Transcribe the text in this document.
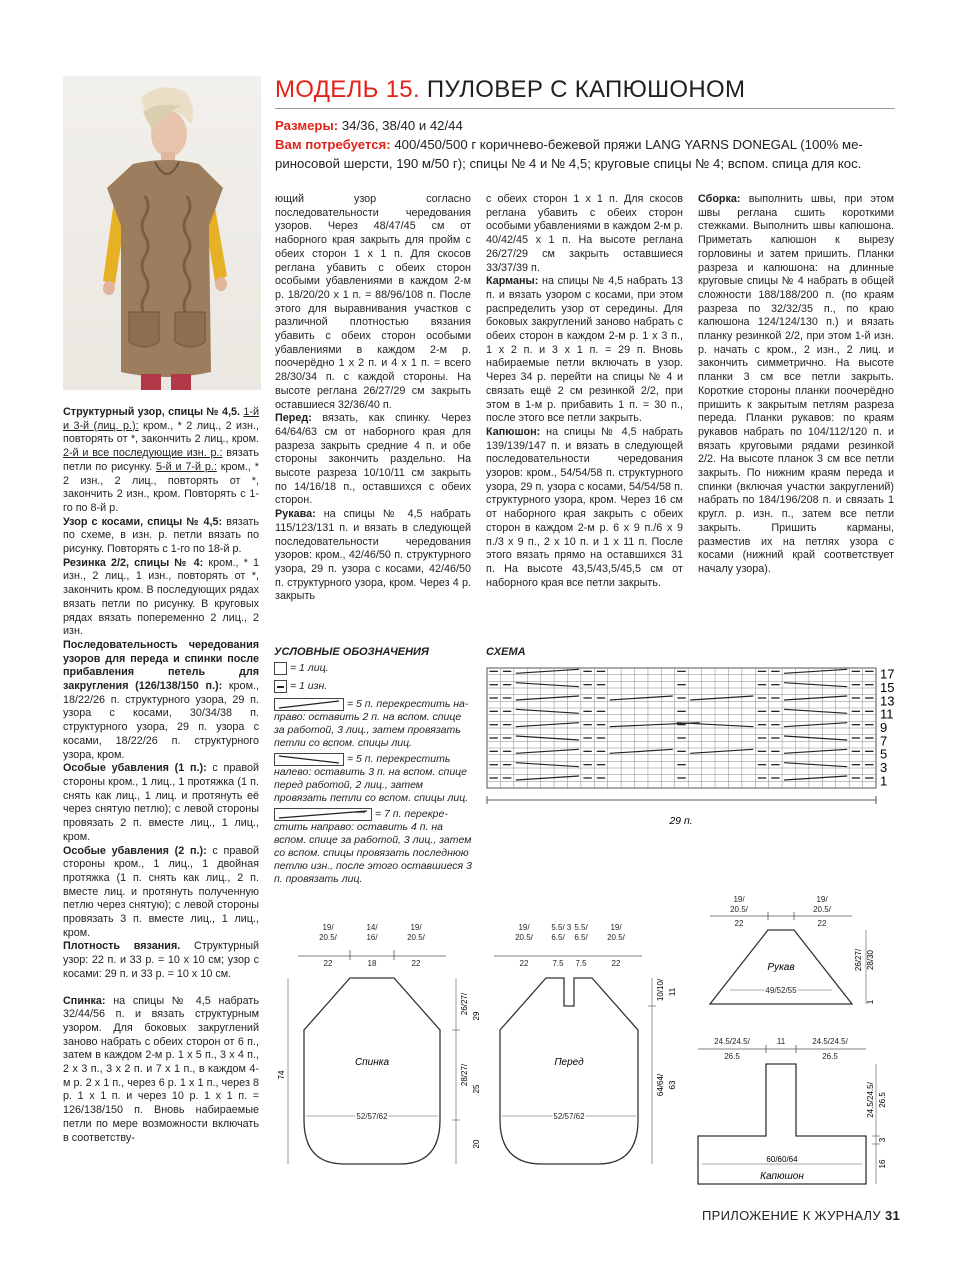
МОДЕЛЬ 15. ПУЛОВЕР С КАПЮШОНОМ
Размеры: 34/36, 38/40 и 42/44
Вам потребуется: 400/450/500 г коричнево-бежевой пряжи LANG YARNS DONEGAL (100% ме-
риносовой шерсти, 190 м/50 г); спицы № 4 и № 4,5; круговые спицы № 4; вспом. спица для кос.

Структурный узор, спицы № 4,5. 1-й и 3-й (лиц. р.): кром., * 2 лиц., 2 изн., повторять от *, закончить 2 лиц., кром. 2-й и все последующие изн. р.: вязать петли по рисунку. 5-й и 7-й р.: кром., * 2 изн., 2 лиц., повторять от *, закончить 2 изн., кром. Повторять с 1-го по 8-й р.

Узор с косами, спицы № 4,5: вязать по схеме, в изн. р. петли вязать по рисунку. Повторять с 1-го по 18-й р.

Резинка 2/2, спицы № 4: кром., * 1 изн., 2 лиц., 1 изн., повторять от *, закончить кром. В последующих рядах вязать петли по рисунку. В круговых рядах вязать попеременно 2 лиц., 2 изн.

Последовательность чередования узоров для переда и спинки после прибавления петель для закругления (126/138/150 п.): кром., 18/22/26 п. структурного узора, 29 п. узора с косами, 30/34/38 п. структурного узора, 29 п. узора с косами, 18/22/26 п. структурного узора, кром.

Особые убавления (1 п.): с правой стороны кром., 1 лиц., 1 протяжка (1 п. снять как лиц., 1 лиц. и протянуть её через снятую петлю); с левой стороны провязать 2 п. вместе лиц., 1 лиц., кром.

Особые убавления (2 п.): с правой стороны кром., 1 лиц., 1 двойная протяжка (1 п. снять как лиц., 2 п. вместе лиц. и протянуть полученную петлю через снятую); с левой стороны провязать 3 п. вместе лиц., 1 лиц., кром.

Плотность вязания. Структурный узор: 22 п. и 33 р. = 10 х 10 см; узор с косами: 29 п. и 33 р. = 10 х 10 см.

Спинка: на спицы № 4,5 набрать 32/44/56 п. и вязать структурным узором. Для боковых закруглений заново набрать с обеих сторон от 6 п., затем в каждом 2-м р. 1 х 5 п., 3 х 4 п., 2 х 3 п., 3 х 2 п. и 7 х 1 п., в каждом 4-м р. 2 х 1 п., через 6 р. 1 х 1 п., через 8 р. 1 х 1 п. и через 10 р. 1 х 1 п. = 126/138/150 п. Вновь набираемые петли по мере возможности включать в соответству-

ющий узор согласно последовательности чередования узоров. Через 48/47/45 см от наборного края закрыть для пройм с обеих сторон 1 х 1 п. Для скосов реглана убавить с обеих сторон особыми убавлениями в каждом 2-м р. 18/20/20 х 1 п. = 88/96/108 п. После этого для выравнивания участков с различной плотностью вязания убавить с обеих сторон особыми убавлениями в каждом 2-м р. поочерёдно 1 х 2 п. и 4 х 1 п. = всего 28/30/34 п. с каждой стороны. На высоте реглана 26/27/29 см закрыть оставшиеся 32/36/40 п.

Перед: вязать, как спинку. Через 64/64/63 см от наборного края для разреза закрыть средние 4 п. и обе стороны закончить раздельно. На высоте разреза 10/10/11 см закрыть по 14/16/18 п., оставшихся с обеих сторон.

Рукава: на спицы № 4,5 набрать 115/123/131 п. и вязать в следующей последовательности чередования узоров: кром., 42/46/50 п. структурного узора, 29 п. узора с косами, 42/46/50 п. структурного узора, кром. Через 4 р. закрыть

с обеих сторон 1 х 1 п. Для скосов реглана убавить с обеих сторон особыми убавлениями в каждом 2-м р. 40/42/45 х 1 п. На высоте реглана 26/27/29 см закрыть оставшиеся 33/37/39 п.

Карманы: на спицы № 4,5 набрать 13 п. и вязать узором с косами, при этом распределить узор от середины. Для боковых закруглений заново набрать с обеих сторон в каждом 2-м р. 1 х 3 п., 1 х 2 п. и 3 х 1 п. = 29 п. Вновь набираемые петли включать в узор. Через 34 р. перейти на спицы № 4 и связать ещё 2 см резинкой 2/2, при этом в 1-м р. прибавить 1 п. = 30 п., после этого все петли закрыть.

Капюшон: на спицы № 4,5 набрать 139/139/147 п. и вязать в следующей последовательности чередования узоров: кром., 54/54/58 п. структурного узора, 29 п. узора с косами, 54/54/58 п. структурного узора, кром. Через 16 см от наборного края закрыть с обеих сторон в каждом 2-м р. 6 х 9 п./6 х 9 п./3 х 9 п., 2 х 10 п. и 1 х 11 п. После этого вязать прямо на оставшихся 31 п. На высоте 43,5/43,5/45,5 см от наборного края все петли закрыть.

Сборка: выполнить швы, при этом швы реглана сшить короткими стежками. Выполнить швы капюшона. Приметать капюшон к вырезу горловины и затем пришить. Планки разреза и капюшона: на длинные круговые спицы № 4 набрать в общей сложности 188/188/200 п. (по краям разреза по 32/32/35 п., по краю капюшона 124/124/130 п.) и вязать планку резинкой 2/2, при этом 1-й изн. р. начать с кром., 2 изн., 2 лиц. и закончить симметрично. На высоте планки 3 см все петли закрыть. Короткие стороны планки поочерёдно пришить к закрытым петлям разреза переда. Планки рукавов: по краям рукавов набрать по 104/112/120 п. и вязать круговыми рядами резинкой 2/2. На высоте планок 3 см все петли закрыть. По нижним краям переда и спинки (включая участки закруглений) набрать по 184/196/208 п. и связать 1 кругл. р. изн. п., затем все петли закрыть. Пришить карманы, разместив их на петлях узора с косами (нижний край соответствует началу узора).

УСЛОВНЫЕ ОБОЗНАЧЕНИЯ
= 1 лиц.
= 1 изн.
= 5 п. перекрестить на-
право: оставить 2 п. на вспом. спице за работой, 3 лиц., затем провязать петли со вспом. спицы лиц.
= 5 п. перекрестить
налево: оставить 3 п. на вспом. спице перед работой, 2 лиц., затем провязать петли со вспом. спицы лиц.
= 7 п. перекре-
стить направо: оставить 4 п. на вспом. спице за работой, 3 лиц., затем со вспом. спицы провязать последнюю петлю изн., после этого оставшиеся 3 п. провязать лиц.
СХЕМА
17
15
13
11
9
7
5
3
1
29 п.
19/
20.5/
14/
16/
19/
20.5/
22	18	22
Спинка
52/57/62
74
26/27/
29
28/27/
25
20
19/
20.5/
5.5/
6.5/
3 5.5/
6.5/
19/
20.5/
22	7.5 7.5	22
Перед
52/57/62
10/10/ 11
64/64/ 63
19/
20.5/
19/
20.5/
22	22
Рукав
49/52/55
26/27/ 28/30
1
24.5/24.5/	11	24.5/24.5/
26.5	26.5
60/60/64
Капюшон
24.5/24.5/ 26.5
3
16
ПРИЛОЖЕНИЕ К ЖУРНАЛУ 31
